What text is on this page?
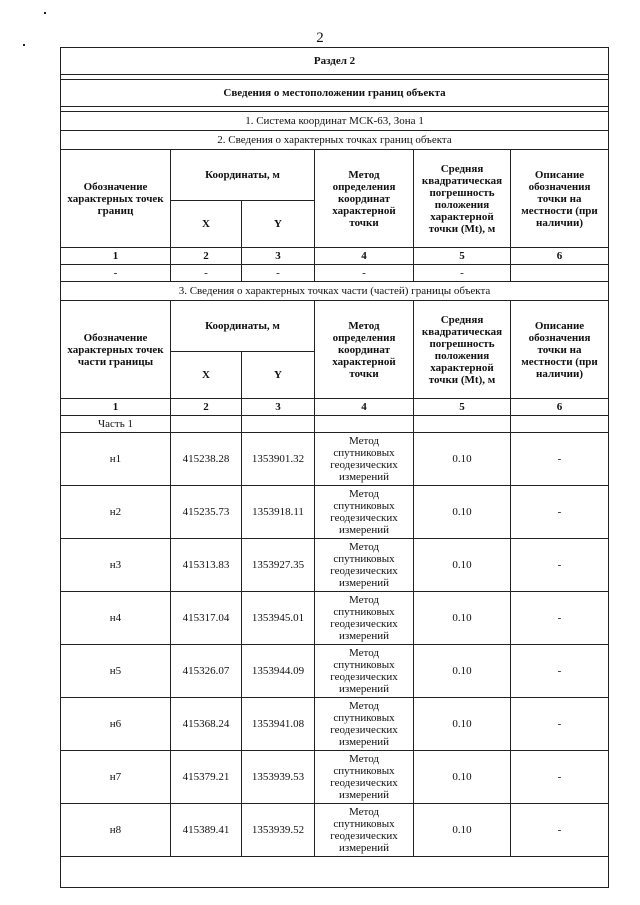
2
Раздел 2					

Сведения о местоположении границ объекта					

1. Система координат МСК-63, Зона 1					
2. Сведения о характерных точках границ объекта					
Обозначение характерных точек границ	Координаты, м		Метод определения координат характерной точки	Средняя квадратическая погрешность положения характерной точки (Mt), м	Описание обозначения точки на местности (при наличии)
	X	Y			
1	2	3	4	5	6
-	-	-	-	-	
3. Сведения о характерных точках части (частей) границы объекта					
Обозначение характерных точек части границы	Координаты, м		Метод определения координат характерной точки	Средняя квадратическая погрешность положения характерной точки (Mt), м	Описание обозначения точки на местности (при наличии)
	X	Y			
1	2	3	4	5	6
Часть 1					
н1	415238.28	1353901.32	Метод спутниковых геодезических измерений	0.10	-
н2	415235.73	1353918.11	Метод спутниковых геодезических измерений	0.10	-
н3	415313.83	1353927.35	Метод спутниковых геодезических измерений	0.10	-
н4	415317.04	1353945.01	Метод спутниковых геодезических измерений	0.10	-
н5	415326.07	1353944.09	Метод спутниковых геодезических измерений	0.10	-
н6	415368.24	1353941.08	Метод спутниковых геодезических измерений	0.10	-
н7	415379.21	1353939.53	Метод спутниковых геодезических измерений	0.10	-
н8	415389.41	1353939.52	Метод спутниковых геодезических измерений	0.10	-
